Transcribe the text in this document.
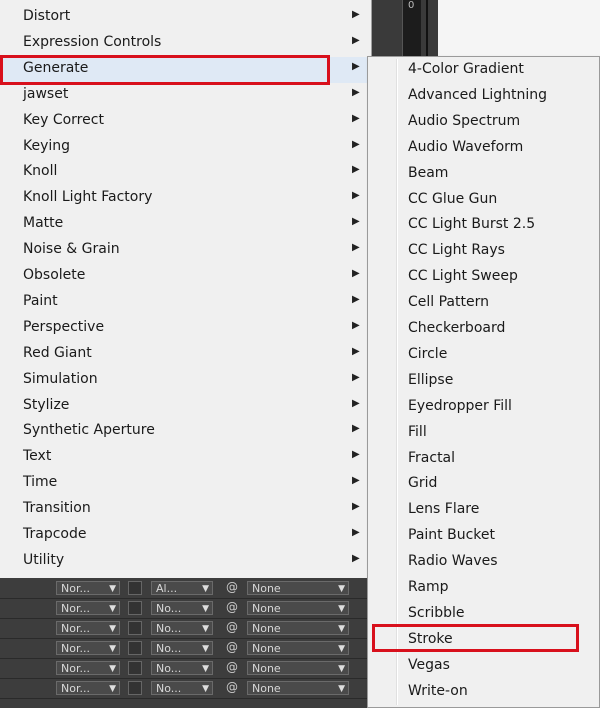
0
Nor... ▼	Al...	▼ @	None	▼
Nor... ▼	No... ▼ @	None	▼
Nor... ▼	No... ▼ @	None	▼
Nor... ▼	No... ▼ @	None	▼
Nor... ▼	No... ▼ @	None	▼
Nor... ▼	No... ▼ @	None	▼
Distort	▶
Expression Controls	▶
Generate	▶
jawset	▶
Key Correct	▶
Keying	▶
Knoll	▶
Knoll Light Factory	▶
Matte	▶
Noise & Grain	▶
Obsolete	▶
Paint	▶
Perspective	▶
Red Giant	▶
Simulation	▶
Stylize	▶
Synthetic Aperture	▶
Text	▶
Time	▶
Transition	▶
Trapcode	▶
Utility	▶
4-Color Gradient
Advanced Lightning
Audio Spectrum
Audio Waveform
Beam
CC Glue Gun
CC Light Burst 2.5
CC Light Rays
CC Light Sweep
Cell Pattern
Checkerboard
Circle
Ellipse
Eyedropper Fill
Fill
Fractal
Grid
Lens Flare
Paint Bucket
Radio Waves
Ramp
Scribble
Stroke
Vegas
Write-on
